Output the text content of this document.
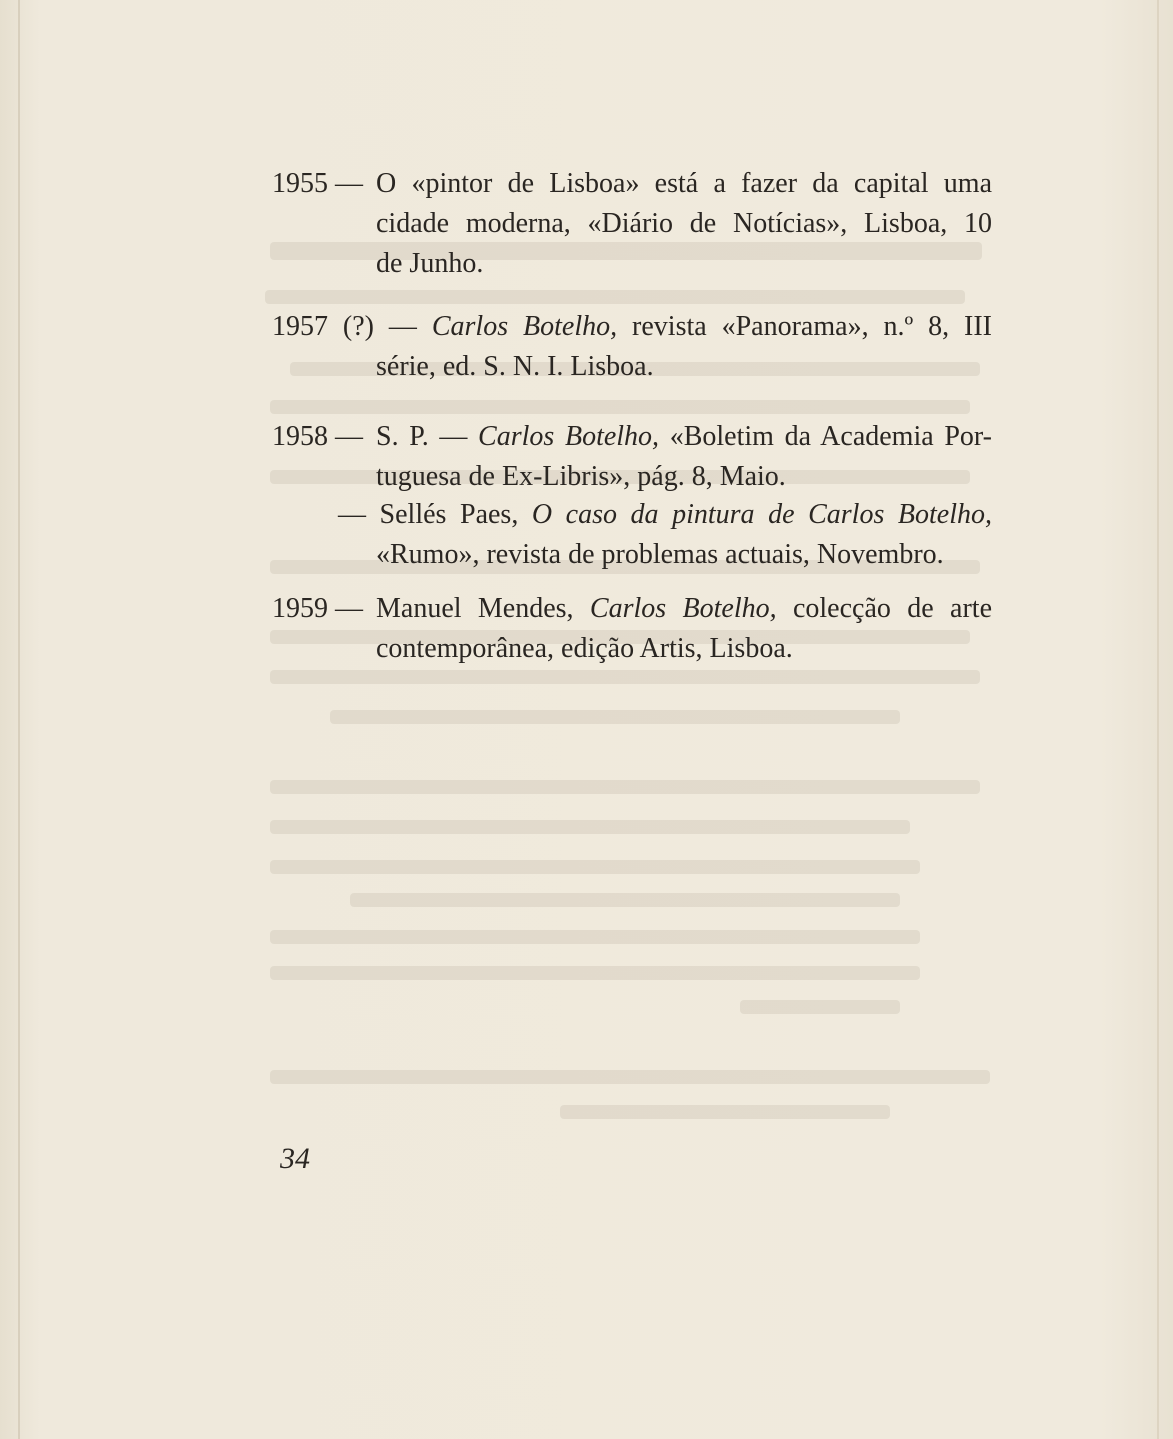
1955 — O «pintor de Lisboa» está a fazer da capital uma
cidade moderna, «Diário de Notícias», Lisboa, 10
de Junho.
1957 (?) — Carlos Botelho, revista «Panorama», n.º 8, III
série, ed. S. N. I. Lisboa.
1958 — S. P. — Carlos Botelho, «Boletim da Academia Por-
tuguesa de Ex-Libris», pág. 8, Maio.
— Sellés Paes, O caso da pintura de Carlos Botelho,
«Rumo», revista de problemas actuais, Novembro.
1959 — Manuel Mendes, Carlos Botelho, colecção de arte
contemporânea, edição Artis, Lisboa.
34
